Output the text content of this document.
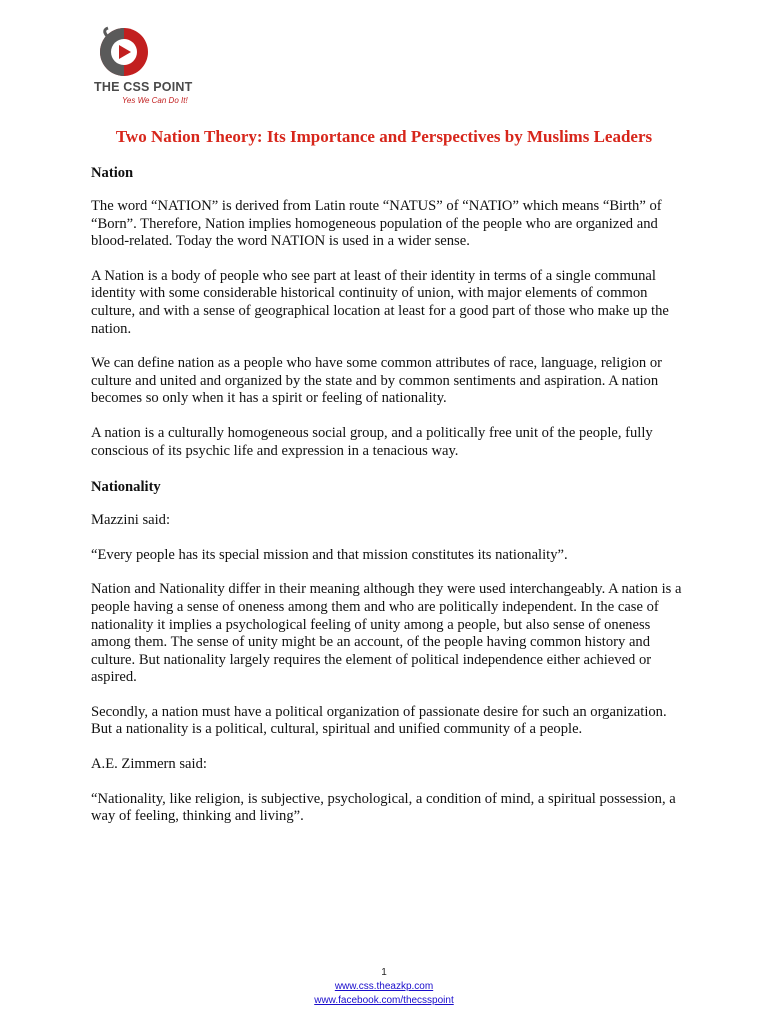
THE CSS POINT
Yes We Can Do It!
Two Nation Theory: Its Importance and Perspectives by Muslims Leaders
Nation

The word “NATION” is derived from Latin route “NATUS” of “NATIO” which means “Birth” of “Born”. Therefore, Nation implies homogeneous population of the people who are organized and blood-related. Today the word NATION is used in a wider sense.

A Nation is a body of people who see part at least of their identity in terms of a single communal identity with some considerable historical continuity of union, with major elements of common culture, and with a sense of geographical location at least for a good part of those who make up the nation.

We can define nation as a people who have some common attributes of race, language, religion or culture and united and organized by the state and by common sentiments and aspiration. A nation becomes so only when it has a spirit or feeling of nationality.

A nation is a culturally homogeneous social group, and a politically free unit of the people, fully conscious of its psychic life and expression in a tenacious way.

Nationality

Mazzini said:

“Every people has its special mission and that mission constitutes its nationality”.

Nation and Nationality differ in their meaning although they were used interchangeably. A nation is a people having a sense of oneness among them and who are politically independent. In the case of nationality it implies a psychological feeling of unity among a people, but also sense of oneness among them. The sense of unity might be an account, of the people having common history and culture. But nationality largely requires the element of political independence either achieved or aspired.

Secondly, a nation must have a political organization of passionate desire for such an organization. But a nationality is a political, cultural, spiritual and unified community of a people.

A.E. Zimmern said:

“Nationality, like religion, is subjective, psychological, a condition of mind, a spiritual possession, a way of feeling, thinking and living”.

1
www.css.theazkp.com
www.facebook.com/thecsspoint
